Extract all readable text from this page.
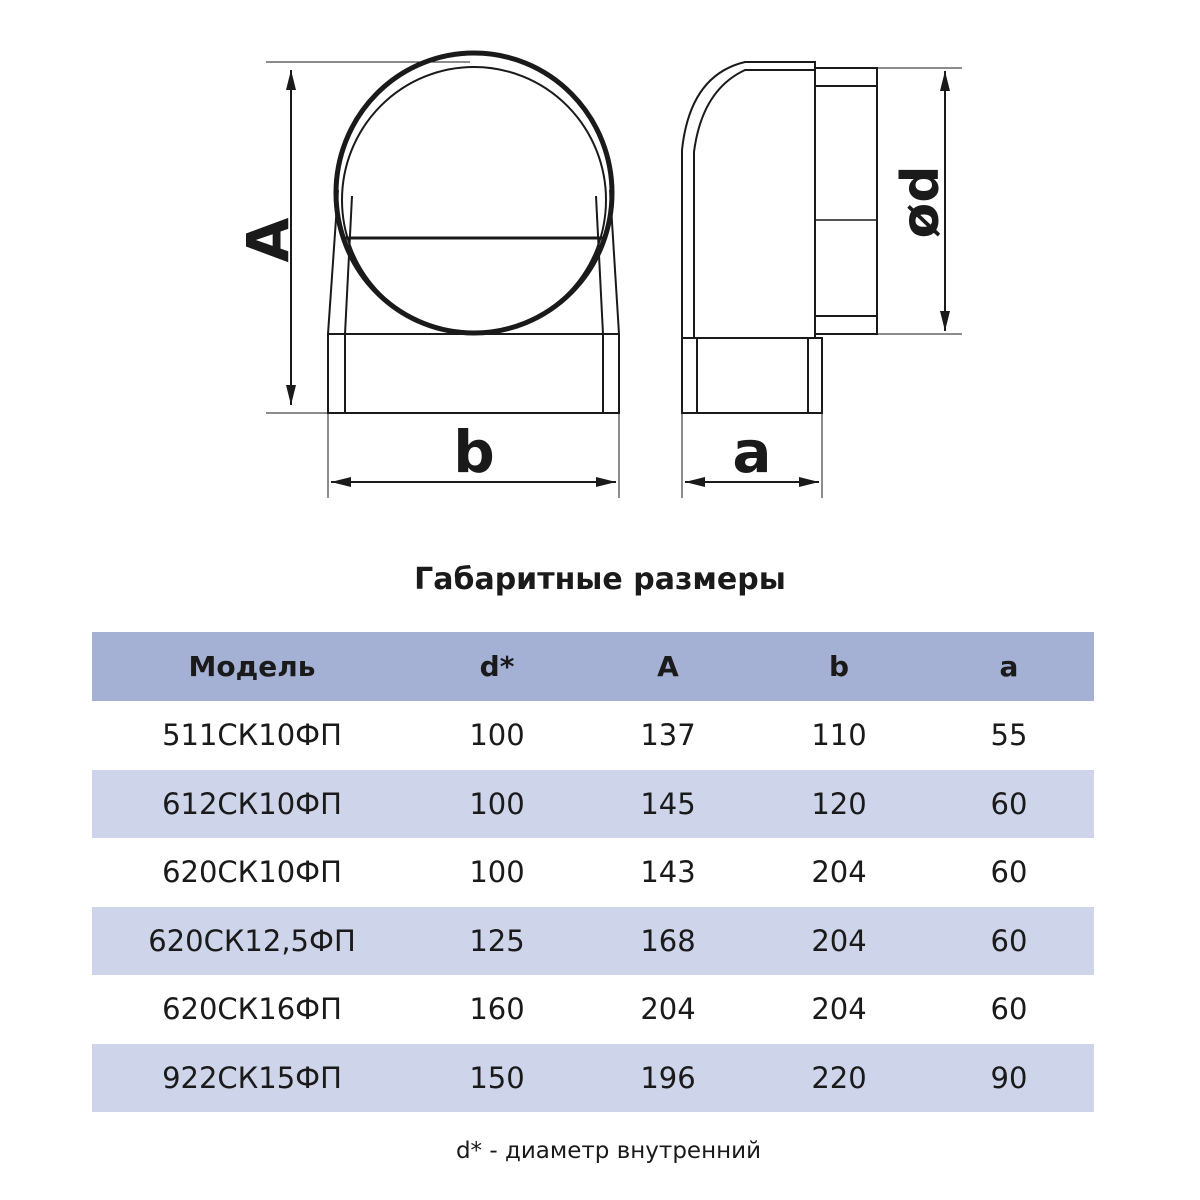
A
b	a
ød
Габаритные размеры
Модель	d*	A	b	a
511СК10ФП	100	137	110	55
612СК10ФП	100	145	120	60
620СК10ФП	100	143	204	60
620СК12,5ФП	125	168	204	60
620СК16ФП	160	204	204	60
922СК15ФП	150	196	220	90
d* - диаметр внутренний
